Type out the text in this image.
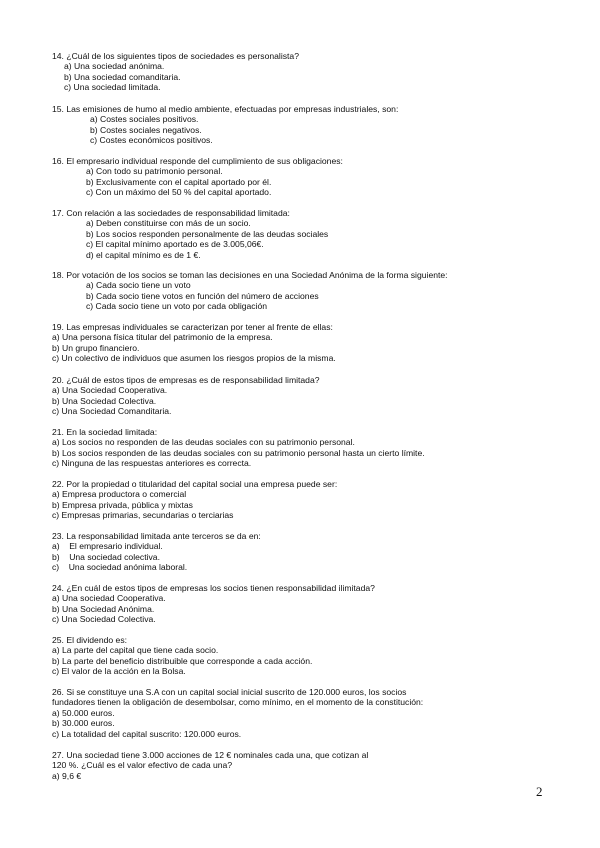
14. ¿Cuál de los siguientes tipos de sociedades es personalista?
a) Una sociedad anónima.
b) Una sociedad comanditaria.
c) Una sociedad limitada.
15. Las emisiones de humo al medio ambiente, efectuadas por empresas industriales, son:
a) Costes sociales positivos.
b) Costes sociales negativos.
c) Costes económicos positivos.
16. El empresario individual responde del cumplimiento de sus obligaciones:
a) Con todo su patrimonio personal.
b) Exclusivamente con el capital aportado por él.
c) Con un máximo del 50 % del capital aportado.
17. Con relación a las sociedades de responsabilidad limitada:
a) Deben constituirse con más de un socio.
b) Los socios responden personalmente de las deudas sociales
c) El capital mínimo aportado es de 3.005,06€.
d) el capital mínimo es de 1 €.
18. Por votación de los socios se toman las decisiones en una Sociedad Anónima de la forma siguiente:
a) Cada socio tiene un voto
b) Cada socio tiene votos en función del número de acciones
c) Cada socio tiene un voto por cada obligación
19. Las empresas individuales se caracterizan por tener al frente de ellas:
a) Una persona física titular del patrimonio de la empresa.
b) Un grupo financiero.
c) Un colectivo de individuos que asumen los riesgos propios de la misma.
20. ¿Cuál de estos tipos de empresas es de responsabilidad limitada?
a) Una Sociedad Cooperativa.
b) Una Sociedad Colectiva.
c) Una Sociedad Comanditaria.
21. En la sociedad limitada:
a) Los socios no responden de las deudas sociales con su patrimonio personal.
b) Los socios responden de las deudas sociales con su patrimonio personal hasta un cierto límite.
c) Ninguna de las respuestas anteriores es correcta.
22. Por la propiedad o titularidad del capital social una empresa puede ser:
a) Empresa productora o comercial
b) Empresa privada, pública y mixtas
c) Empresas primarias, secundarias o terciarias
23. La responsabilidad limitada ante terceros se da en:
a)    El empresario individual.
b)    Una sociedad colectiva.
c)    Una sociedad anónima laboral.
24. ¿En cuál de estos tipos de empresas los socios tienen responsabilidad ilimitada?
a) Una sociedad Cooperativa.
b) Una Sociedad Anónima.
c) Una Sociedad Colectiva.
25. El dividendo es:
a) La parte del capital que tiene cada socio.
b) La parte del beneficio distribuible que corresponde a cada acción.
c) El valor de la acción en la Bolsa.
26. Si se constituye una S.A con un capital social inicial suscrito de 120.000 euros, los socios
fundadores tienen la obligación de desembolsar, como mínimo, en el momento de la constitución:
a) 50.000 euros.
b) 30.000 euros.
c) La totalidad del capital suscrito: 120.000 euros.
27. Una sociedad tiene 3.000 acciones de 12 € nominales cada una, que cotizan al
120 %. ¿Cuál es el valor efectivo de cada una?
a) 9,6 €
2
